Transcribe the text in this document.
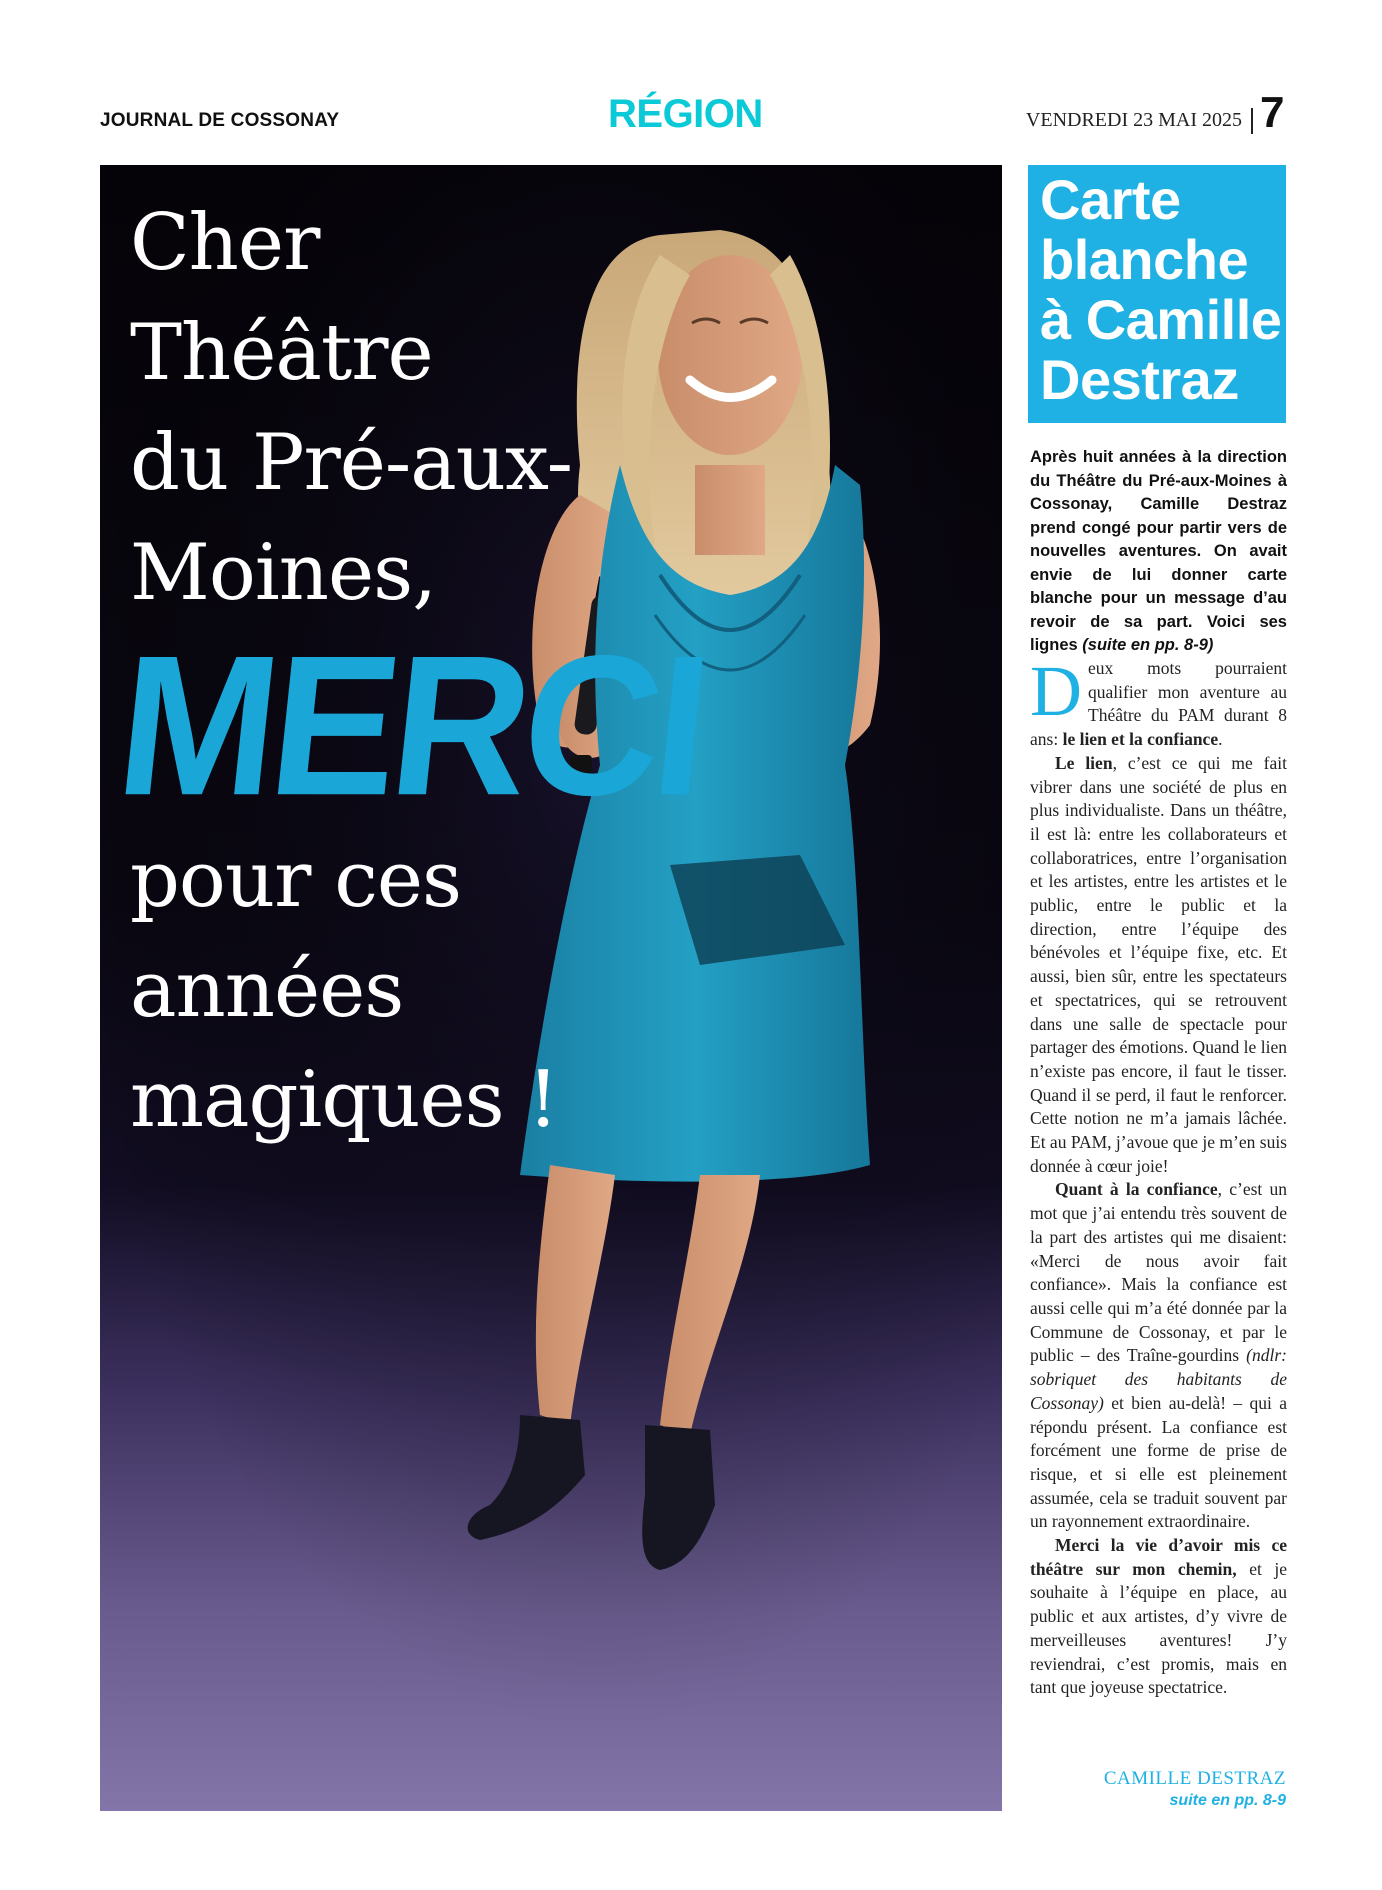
JOURNAL DE COSSONAY	RÉGION	VENDREDI 23 MAI 2025 7
Cher
Théâtre
du Pré-aux-
Moines,
MERCI
pour ces
années
magiques !
Carte blanche à Camille Destraz
Après huit années à la direction du Théâtre du Pré-aux-Moines à Cossonay, Camille Destraz prend congé pour partir vers de nouvelles aventures. On avait envie de lui donner carte blanche pour un message d’au revoir de sa part. Voici ses lignes (suite en pp. 8-9)

Deux mots pourraient qualifier mon aventure au Théâtre du PAM durant 8 ans: le lien et la confiance.

Le lien, c’est ce qui me fait vibrer dans une société de plus en plus individualiste. Dans un théâtre, il est là: entre les collaborateurs et collaboratrices, entre l’organisation et les artistes, entre les artistes et le public, entre le public et la direction, entre l’équipe des bénévoles et l’équipe fixe, etc. Et aussi, bien sûr, entre les spectateurs et spectatrices, qui se retrouvent dans une salle de spectacle pour partager des émotions. Quand le lien n’existe pas encore, il faut le tisser. Quand il se perd, il faut le renforcer. Cette notion ne m’a jamais lâchée. Et au PAM, j’avoue que je m’en suis donnée à cœur joie!

Quant à la confiance, c’est un mot que j’ai entendu très souvent de la part des artistes qui me disaient: «Merci de nous avoir fait confiance». Mais la confiance est aussi celle qui m’a été donnée par la Commune de Cossonay, et par le public – des Traîne-gourdins (ndlr: sobriquet des habitants de Cossonay) et bien au-delà! – qui a répondu présent. La confiance est forcément une forme de prise de risque, et si elle est pleinement assumée, cela se traduit souvent par un rayonnement extraordinaire.

Merci la vie d’avoir mis ce théâtre sur mon chemin, et je souhaite à l’équipe en place, au public et aux artistes, d’y vivre de merveilleuses aventures! J’y reviendrai, c’est promis, mais en tant que joyeuse spectatrice.

CAMILLE DESTRAZ
suite en pp. 8-9
